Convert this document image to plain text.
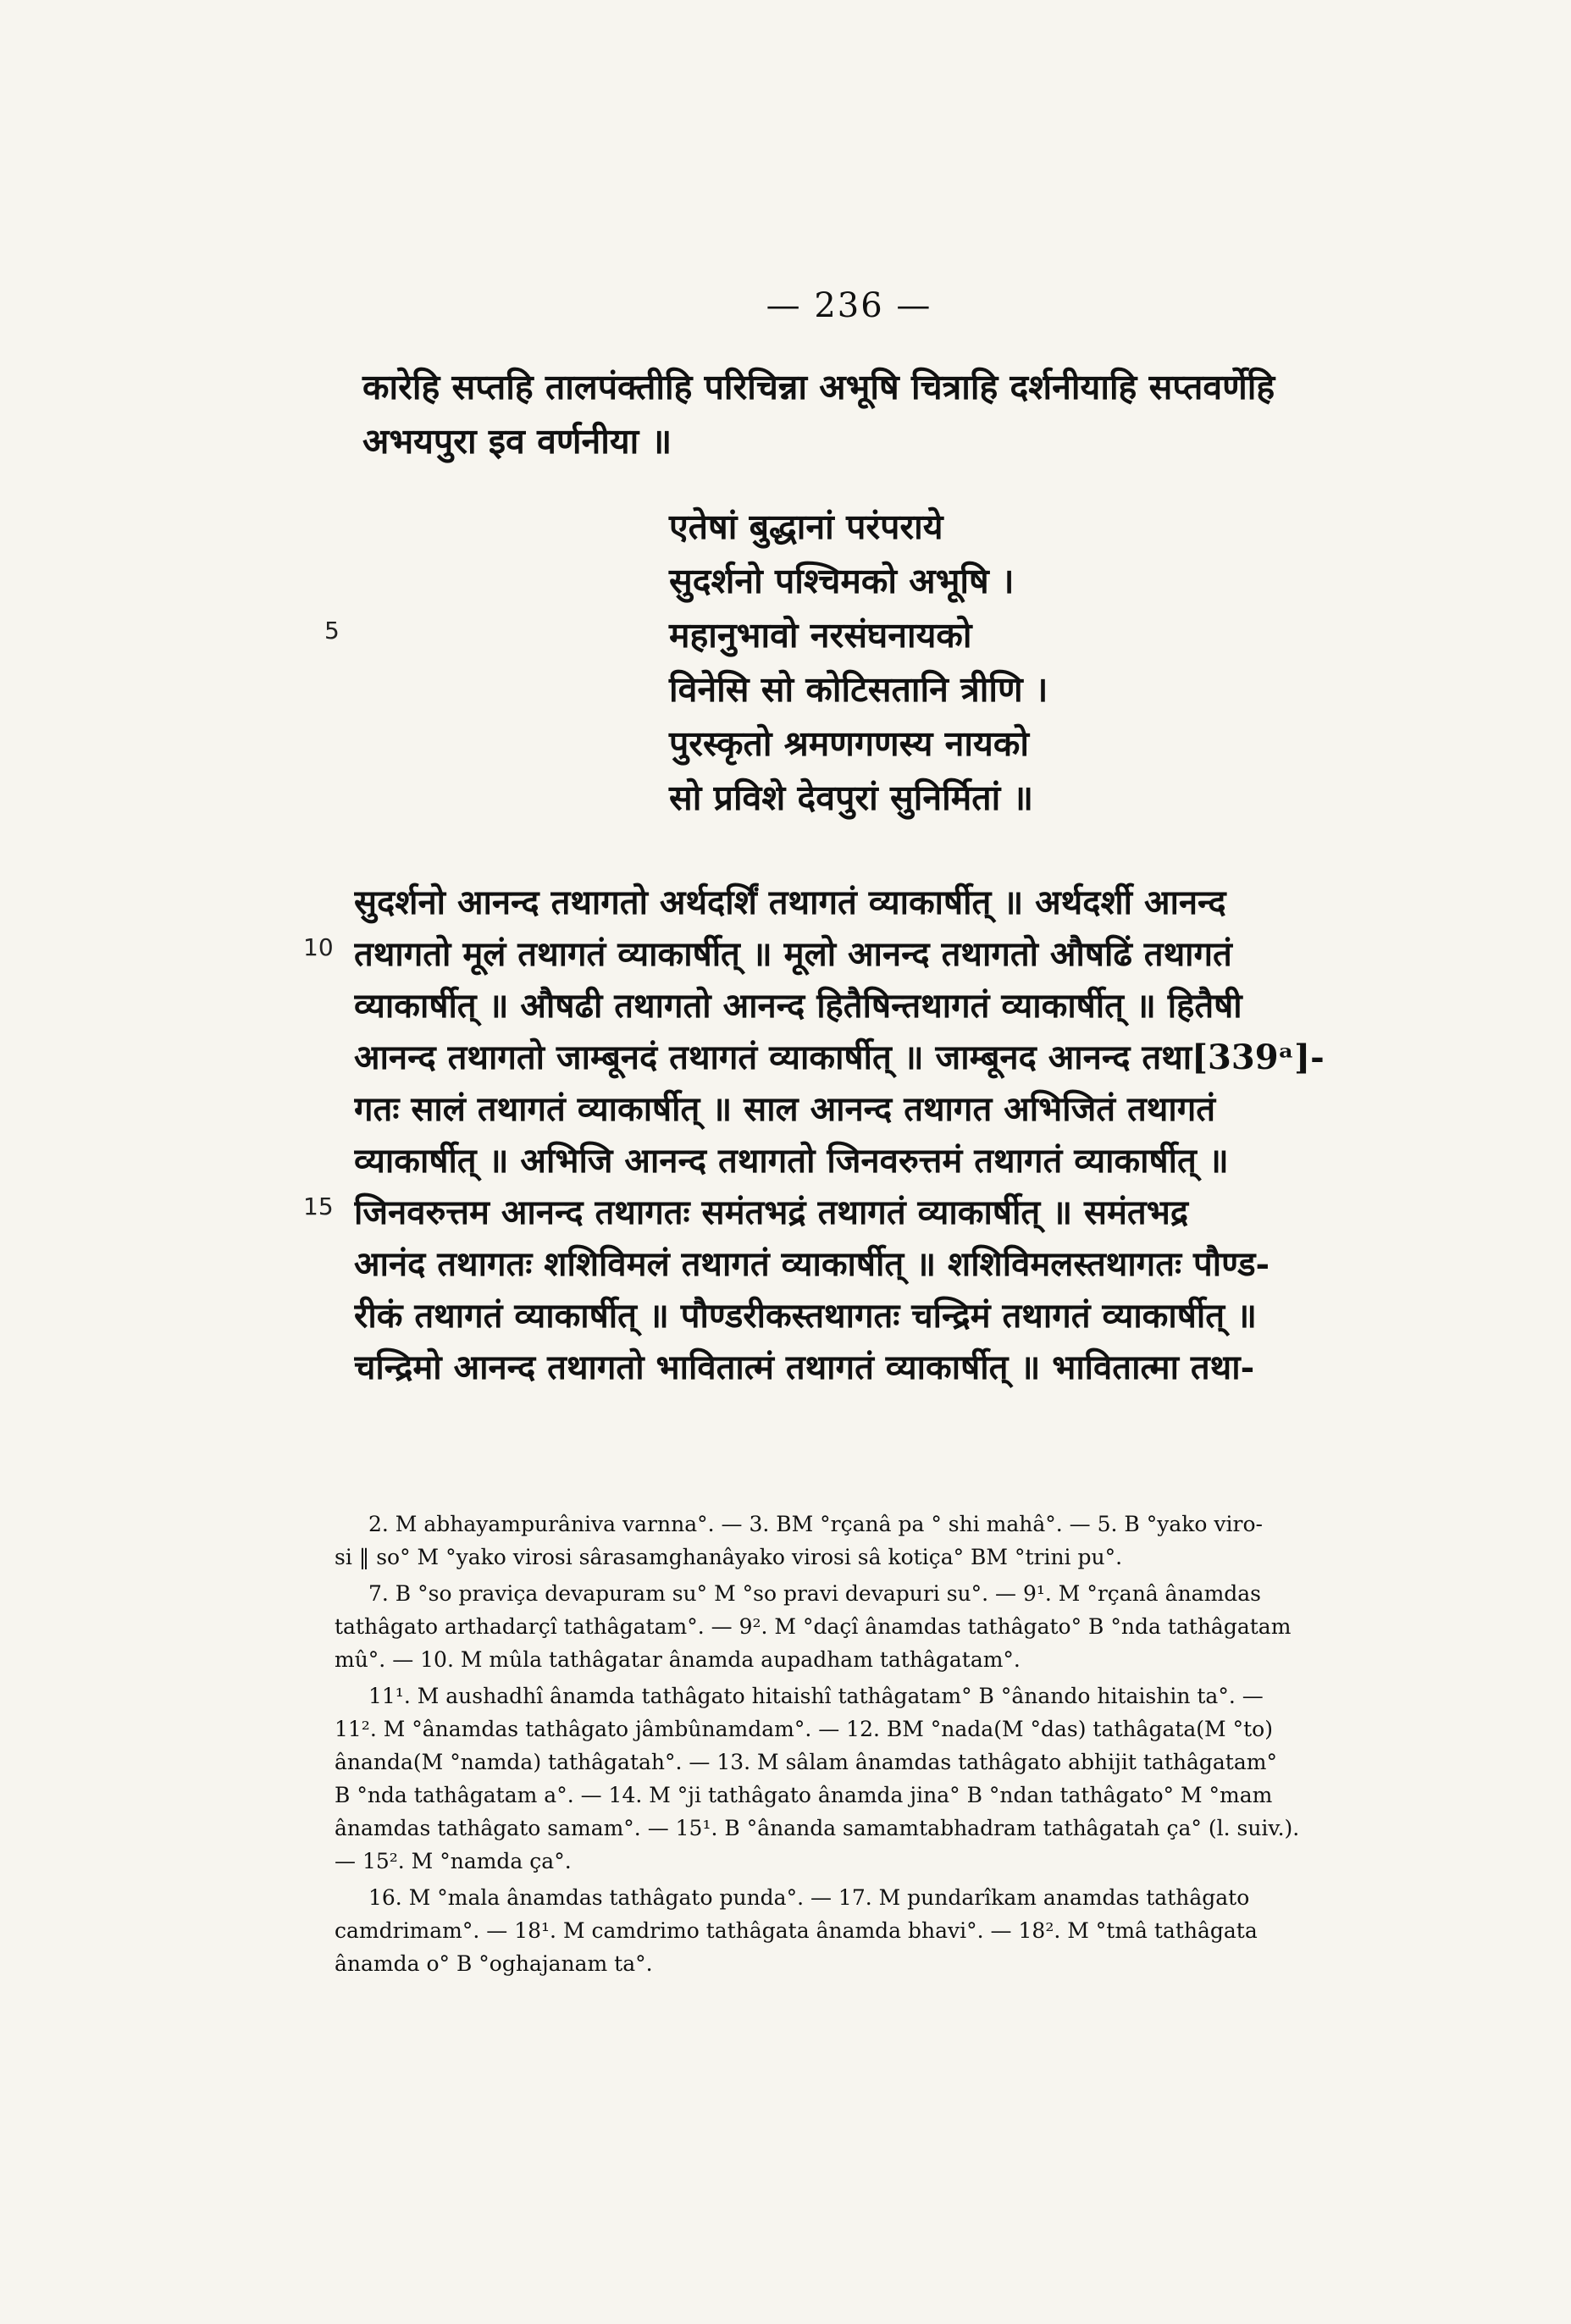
— 236 —
कारेहि सप्तहि तालपंक्तीहि परिचिन्ना अभूषि चित्राहि दर्शनीयाहि सप्तवर्णेहि
अभयपुरा इव वर्णनीया ॥
एतेषां बुद्धानां परंपराये
सुदर्शनो पश्चिमको अभूषि ।
महानुभावो नरसंघनायको
विनेसि सो कोटिसतानि त्रीणि ।
पुरस्कृतो श्रमणगणस्य नायको
सो प्रविशे देवपुरां सुनिर्मितां ॥
5
10
15
सुदर्शनो आनन्द तथागतो अर्थदर्शिं तथागतं व्याकार्षीत् ॥ अर्थदर्शी आनन्द
तथागतो मूलं तथागतं व्याकार्षीत् ॥ मूलो आनन्द तथागतो औषढिं तथागतं
व्याकार्षीत् ॥ औषढी तथागतो आनन्द हितैषिन्तथागतं व्याकार्षीत् ॥ हितैषी
आनन्द तथागतो जाम्बूनदं तथागतं व्याकार्षीत् ॥ जाम्बूनद आनन्द तथा[339ᵃ]-
गतः सालं तथागतं व्याकार्षीत् ॥ साल आनन्द तथागत अभिजितं तथागतं
व्याकार्षीत् ॥ अभिजि आनन्द तथागतो जिनवरुत्तमं तथागतं व्याकार्षीत् ॥
जिनवरुत्तम आनन्द तथागतः समंतभद्रं तथागतं व्याकार्षीत् ॥ समंतभद्र
आनंद तथागतः शशिविमलं तथागतं व्याकार्षीत् ॥ शशिविमलस्तथागतः पौण्ड-
रीकं तथागतं व्याकार्षीत् ॥ पौण्डरीकस्तथागतः चन्द्रिमं तथागतं व्याकार्षीत् ॥
चन्द्रिमो आनन्द तथागतो भावितात्मं तथागतं व्याकार्षीत् ॥ भावितात्मा तथा-
2. M abhayampurâniva varnna°. — 3. BM °rçanâ pa ° shi mahâ°. — 5. B °yako viro-
si ‖ so° M °yako virosi sârasamghanâyako virosi sâ kotiça° BM °trini pu°.
7. B °so praviça devapuram su° M °so pravi devapuri su°. — 9¹. M °rçanâ ânamdas
tathâgato arthadarçî tathâgatam°. — 9². M °daçî ânamdas tathâgato° B °nda tathâgatam
mû°. — 10. M mûla tathâgatar ânamda aupadham tathâgatam°.
11¹. M aushadhî ânamda tathâgato hitaishî tathâgatam° B °ânando hitaishin ta°. —
11². M °ânamdas tathâgato jâmbûnamdam°. — 12. BM °nada(M °das) tathâgata(M °to)
ânanda(M °namda) tathâgatah°. — 13. M sâlam ânamdas tathâgato abhijit tathâgatam°
B °nda tathâgatam a°. — 14. M °ji tathâgato ânamda jina° B °ndan tathâgato° M °mam
ânamdas tathâgato samam°. — 15¹. B °ânanda samamtabhadram tathâgatah ça° (l. suiv.).
— 15². M °namda ça°.
16. M °mala ânamdas tathâgato punda°. — 17. M pundarîkam anamdas tathâgato
camdrimam°. — 18¹. M camdrimo tathâgata ânamda bhavi°. — 18². M °tmâ tathâgata
ânamda o° B °oghajanam ta°.
